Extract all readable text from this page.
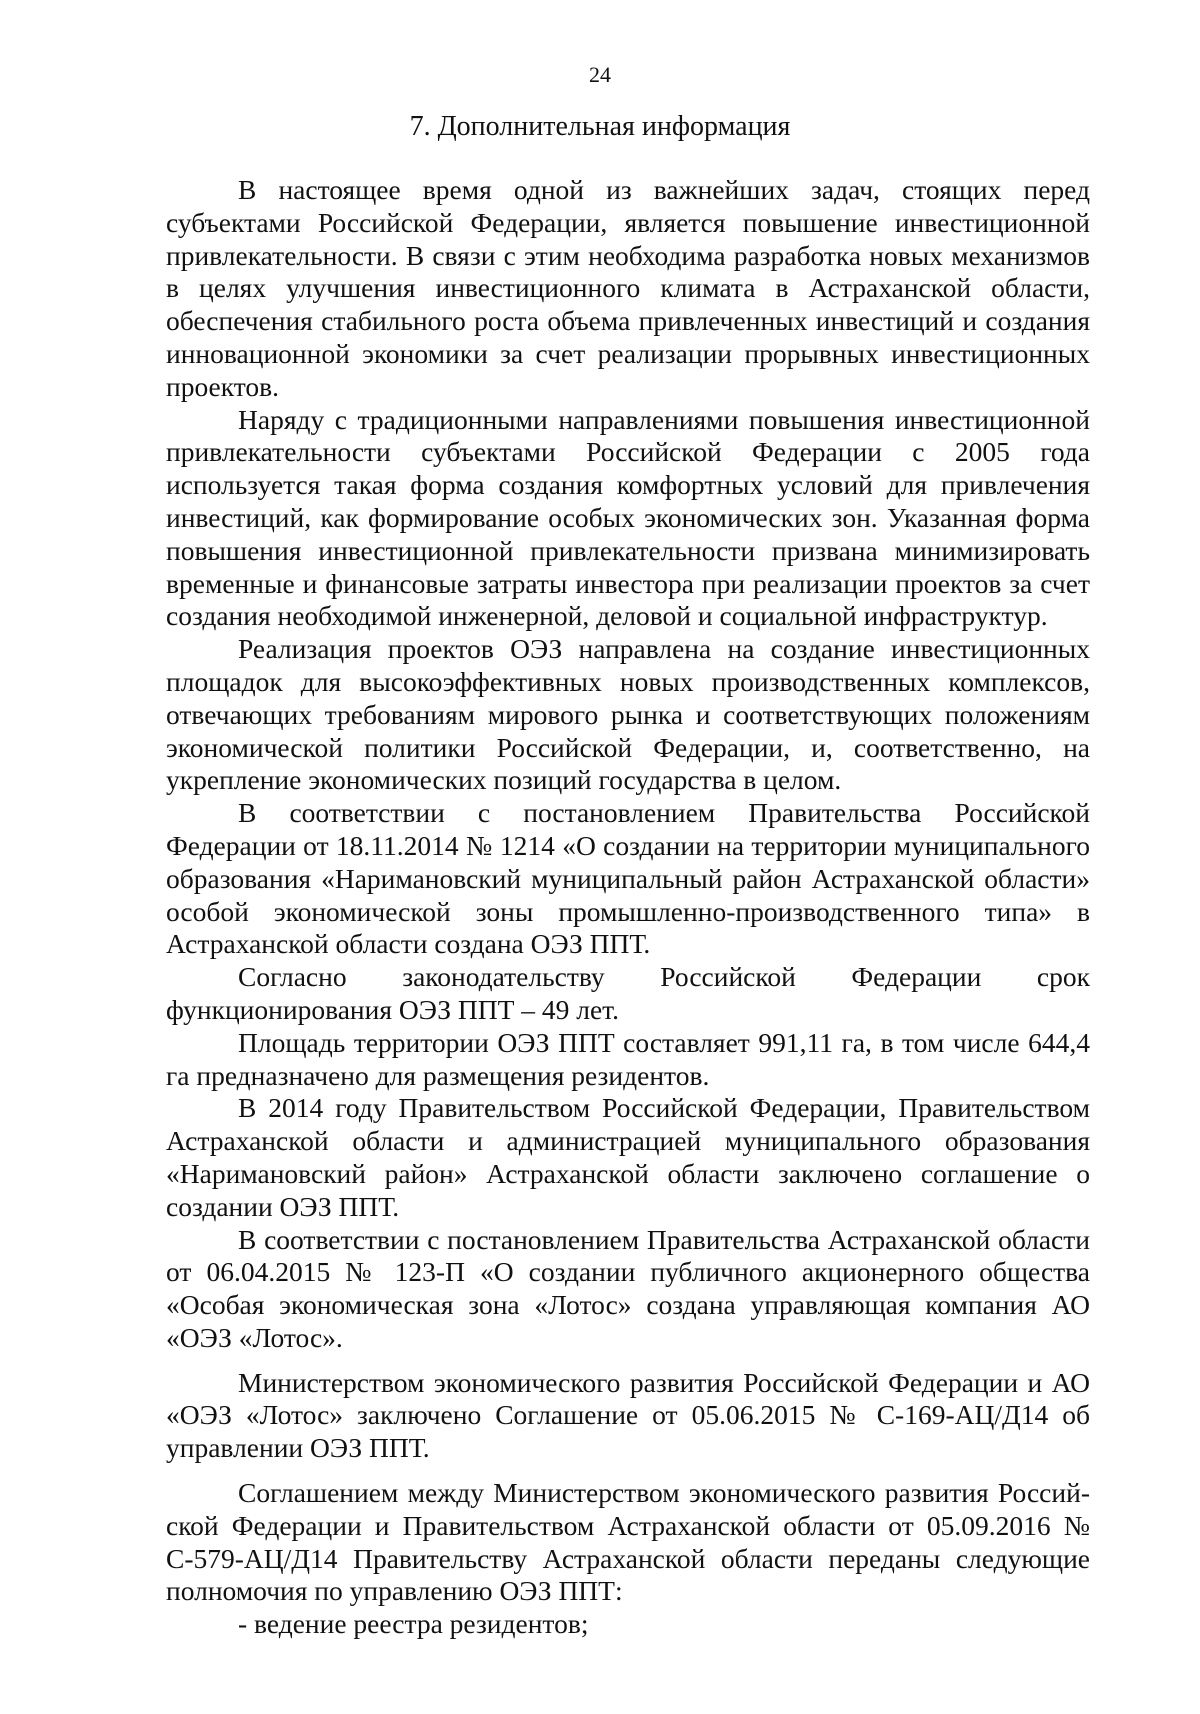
24
7. Дополнительная информация

В настоящее время одной из важнейших задач, стоящих перед субъектами Российской Федерации, является повышение инвестиционной привлекательности. В связи с этим необходима разработка новых механизмов в целях улучшения инвестиционного климата в Астраханской области, обеспечения стабильного роста объема привлеченных инвестиций и создания инновационной экономики за счет реализации прорывных инвестиционных проектов.

Наряду с традиционными направлениями повышения инвестиционной привлекательности субъектами Российской Федерации с 2005 года используется такая форма создания комфортных условий для привлечения инвестиций, как формирование особых экономических зон. Указанная форма повышения инвестиционной привлекательности призвана минимизировать временные и финансовые затраты инвестора при реализации проектов за счет создания необходимой инженерной, деловой и социальной инфраструктур.

Реализация проектов ОЭЗ направлена на создание инвестиционных площадок для высокоэффективных новых производственных комплексов, отвечающих требованиям мирового рынка и соответствующих положениям экономической политики Российской Федерации, и, соответственно, на укрепление экономических позиций государства в целом.

В соответствии с постановлением Правительства Российской Федерации от 18.11.2014 № 1214 «О создании на территории муниципального образования «Наримановский муниципальный район Астраханской области» особой экономической зоны промышленно-производственного типа» в Астраханской области создана ОЭЗ ППТ.

Согласно законодательству Российской Федерации срок функционирования ОЭЗ ППТ – 49 лет.

Площадь территории ОЭЗ ППТ составляет 991,11 га, в том числе 644,4 га предназначено для размещения резидентов.

В 2014 году Правительством Российской Федерации, Правительством Астраханской области и администрацией муниципального образования «Наримановский район» Астраханской области заключено соглашение о создании ОЭЗ ППТ.

В соответствии с постановлением Правительства Астраханской области от 06.04.2015 № 123-П «О создании публичного акционерного общества «Особая экономическая зона «Лотос» создана управляющая компания АО «ОЭЗ «Лотос».

Министерством экономического развития Российской Федерации и АО «ОЭЗ «Лотос» заключено Соглашение от 05.06.2015 № С-169-АЦ/Д14 об управлении ОЭЗ ППТ.

Соглашением между Министерством экономического развития Российской Федерации и Правительством Астраханской области от 05.09.2016 № С-579-АЦ/Д14 Правительству Астраханской области переданы следующие полномочия по управлению ОЭЗ ППТ:

- ведение реестра резидентов;
